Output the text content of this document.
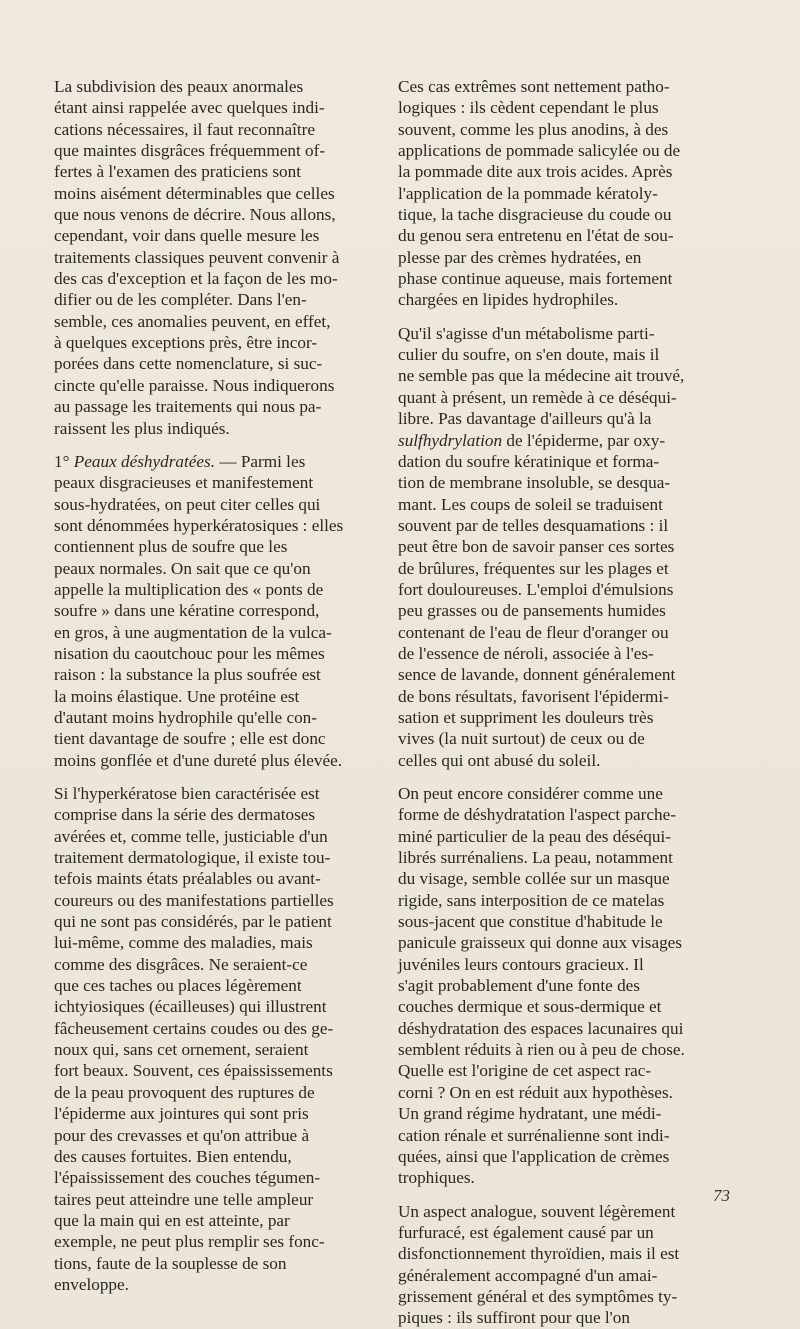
La subdivision des peaux anormales
étant ainsi rappelée avec quelques indi-
cations nécessaires, il faut reconnaître
que maintes disgrâces fréquemment of-
fertes à l'examen des praticiens sont
moins aisément déterminables que celles
que nous venons de décrire. Nous allons,
cependant, voir dans quelle mesure les
traitements classiques peuvent convenir à
des cas d'exception et la façon de les mo-
difier ou de les compléter. Dans l'en-
semble, ces anomalies peuvent, en effet,
à quelques exceptions près, être incor-
porées dans cette nomenclature, si suc-
cincte qu'elle paraisse. Nous indiquerons
au passage les traitements qui nous pa-
raissent les plus indiqués.

1° Peaux déshydratées. — Parmi les
peaux disgracieuses et manifestement
sous-hydratées, on peut citer celles qui
sont dénommées hyperkératosiques : elles
contiennent plus de soufre que les
peaux normales. On sait que ce qu'on
appelle la multiplication des « ponts de
soufre » dans une kératine correspond,
en gros, à une augmentation de la vulca-
nisation du caoutchouc pour les mêmes
raison : la substance la plus soufrée est
la moins élastique. Une protéine est
d'autant moins hydrophile qu'elle con-
tient davantage de soufre ; elle est donc
moins gonflée et d'une dureté plus élevée.

Si l'hyperkératose bien caractérisée est
comprise dans la série des dermatoses
avérées et, comme telle, justiciable d'un
traitement dermatologique, il existe tou-
tefois maints états préalables ou avant-
coureurs ou des manifestations partielles
qui ne sont pas considérés, par le patient
lui-même, comme des maladies, mais
comme des disgrâces. Ne seraient-ce
que ces taches ou places légèrement
ichtyiosiques (écailleuses) qui illustrent
fâcheusement certains coudes ou des ge-
noux qui, sans cet ornement, seraient
fort beaux. Souvent, ces épaississements
de la peau provoquent des ruptures de
l'épiderme aux jointures qui sont pris
pour des crevasses et qu'on attribue à
des causes fortuites. Bien entendu,
l'épaississement des couches tégumen-
taires peut atteindre une telle ampleur
que la main qui en est atteinte, par
exemple, ne peut plus remplir ses fonc-
tions, faute de la souplesse de son
enveloppe.

Ces cas extrêmes sont nettement patho-
logiques : ils cèdent cependant le plus
souvent, comme les plus anodins, à des
applications de pommade salicylée ou de
la pommade dite aux trois acides. Après
l'application de la pommade kératoly-
tique, la tache disgracieuse du coude ou
du genou sera entretenu en l'état de sou-
plesse par des crèmes hydratées, en
phase continue aqueuse, mais fortement
chargées en lipides hydrophiles.

Qu'il s'agisse d'un métabolisme parti-
culier du soufre, on s'en doute, mais il
ne semble pas que la médecine ait trouvé,
quant à présent, un remède à ce déséqui-
libre. Pas davantage d'ailleurs qu'à la
sulfhydrylation de l'épiderme, par oxy-
dation du soufre kératinique et forma-
tion de membrane insoluble, se desqua-
mant. Les coups de soleil se traduisent
souvent par de telles desquamations : il
peut être bon de savoir panser ces sortes
de brûlures, fréquentes sur les plages et
fort douloureuses. L'emploi d'émulsions
peu grasses ou de pansements humides
contenant de l'eau de fleur d'oranger ou
de l'essence de néroli, associée à l'es-
sence de lavande, donnent généralement
de bons résultats, favorisent l'épidermi-
sation et suppriment les douleurs très
vives (la nuit surtout) de ceux ou de
celles qui ont abusé du soleil.

On peut encore considérer comme une
forme de déshydratation l'aspect parche-
miné particulier de la peau des déséqui-
librés surrénaliens. La peau, notamment
du visage, semble collée sur un masque
rigide, sans interposition de ce matelas
sous-jacent que constitue d'habitude le
panicule graisseux qui donne aux visages
juvéniles leurs contours gracieux. Il
s'agit probablement d'une fonte des
couches dermique et sous-dermique et
déshydratation des espaces lacunaires qui
semblent réduits à rien ou à peu de chose.
Quelle est l'origine de cet aspect rac-
corni ? On en est réduit aux hypothèses.
Un grand régime hydratant, une médi-
cation rénale et surrénalienne sont indi-
quées, ainsi que l'application de crèmes
trophiques.

Un aspect analogue, souvent légèrement
furfuracé, est également causé par un
disfonctionnement thyroïdien, mais il est
généralement accompagné d'un amai-
grissement général et des symptômes ty-
piques : ils suffiront pour que l'on

73
